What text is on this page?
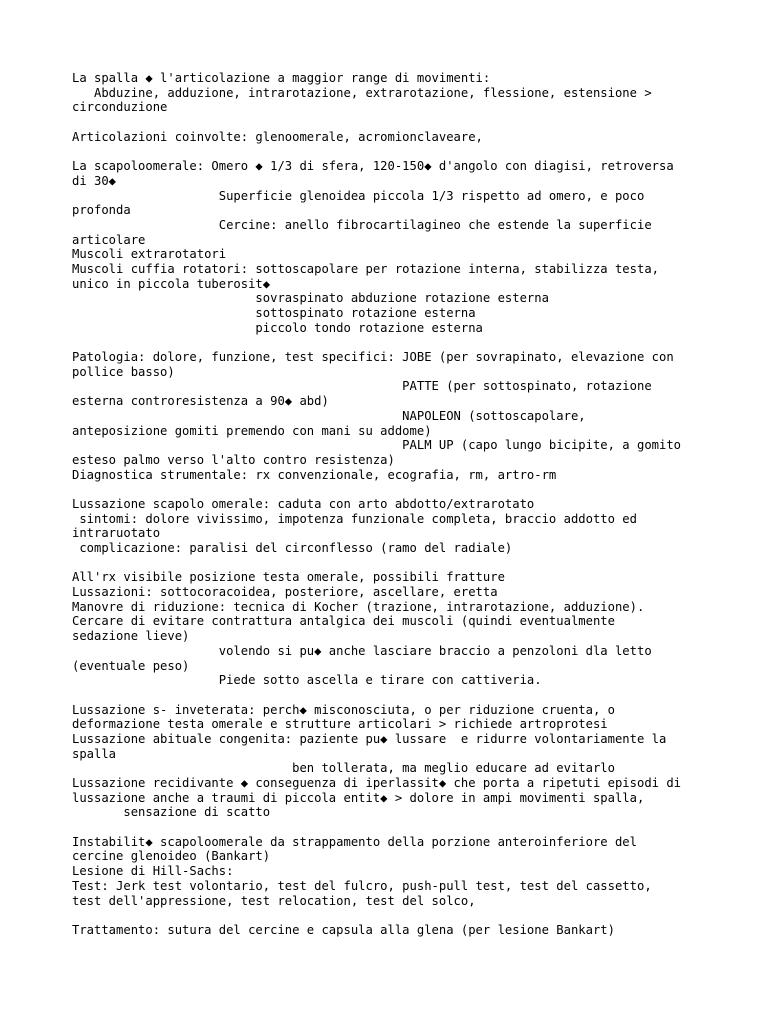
La spalla ◆ l'articolazione a maggior range di movimenti:
Abduzine, adduzione, intrarotazione, extrarotazione, flessione, estensione >
circonduzione
Articolazioni coinvolte: glenoomerale, acromionclaveare,
La scapoloomerale: Omero ◆ 1/3 di sfera, 120-150◆ d'angolo con diagisi, retroversa
di 30◆
Superficie glenoidea piccola 1/3 rispetto ad omero, e poco
profonda
Cercine: anello fibrocartilagineo che estende la superficie
articolare
Muscoli extrarotatori
Muscoli cuffia rotatori: sottoscapolare per rotazione interna, stabilizza testa,
unico in piccola tuberosit◆
sovraspinato abduzione rotazione esterna
sottospinato rotazione esterna
piccolo tondo rotazione esterna
Patologia: dolore, funzione, test specifici: JOBE (per sovrapinato, elevazione con
pollice basso)
PATTE (per sottospinato, rotazione
esterna controresistenza a 90◆ abd)
NAPOLEON (sottoscapolare,
anteposizione gomiti premendo con mani su addome)
PALM UP (capo lungo bicipite, a gomito
esteso palmo verso l'alto contro resistenza)
Diagnostica strumentale: rx convenzionale, ecografia, rm, artro-rm
Lussazione scapolo omerale: caduta con arto abdotto/extrarotato
sintomi: dolore vivissimo, impotenza funzionale completa, braccio addotto ed
intraruotato
complicazione: paralisi del circonflesso (ramo del radiale)
All'rx visibile posizione testa omerale, possibili fratture
Lussazioni: sottocoracoidea, posteriore, ascellare, eretta
Manovre di riduzione: tecnica di Kocher (trazione, intrarotazione, adduzione).
Cercare di evitare contrattura antalgica dei muscoli (quindi eventualmente
sedazione lieve)
volendo si pu◆ anche lasciare braccio a penzoloni dla letto
(eventuale peso)
Piede sotto ascella e tirare con cattiveria.
Lussazione s- inveterata: perch◆ misconosciuta, o per riduzione cruenta, o
deformazione testa omerale e strutture articolari > richiede artroprotesi
Lussazione abituale congenita: paziente pu◆ lussare  e ridurre volontariamente la
spalla
ben tollerata, ma meglio educare ad evitarlo
Lussazione recidivante ◆ conseguenza di iperlassit◆ che porta a ripetuti episodi di
lussazione anche a traumi di piccola entit◆ > dolore in ampi movimenti spalla,
sensazione di scatto
Instabilit◆ scapoloomerale da strappamento della porzione anteroinferiore del
cercine glenoideo (Bankart)
Lesione di Hill-Sachs:
Test: Jerk test volontario, test del fulcro, push-pull test, test del cassetto,
test dell'appressione, test relocation, test del solco,
Trattamento: sutura del cercine e capsula alla glena (per lesione Bankart)
